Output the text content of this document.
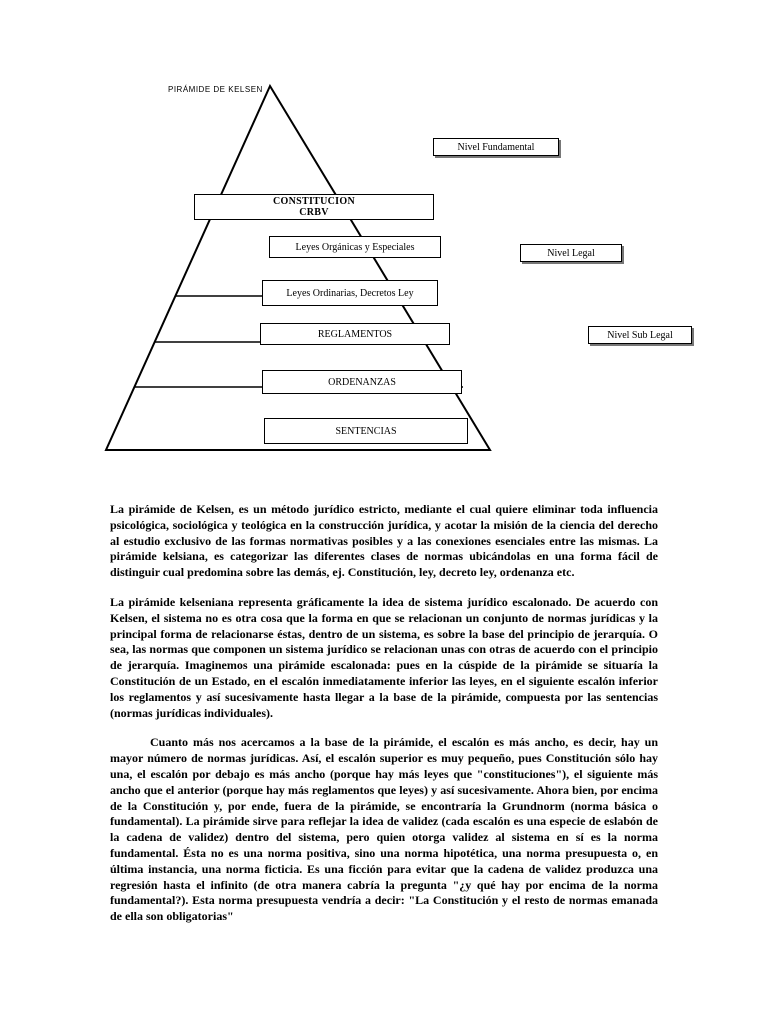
PIRÁMIDE DE KELSEN
CONSTITUCION
CRBV
Leyes Orgánicas y Especiales
Leyes Ordinarias, Decretos Ley
REGLAMENTOS
ORDENANZAS
SENTENCIAS
Nivel Fundamental
Nivel Legal
Nivel Sub Legal

La pirámide de Kelsen, es un método jurídico estricto, mediante el cual quiere eliminar toda influencia psicológica, sociológica y teológica en la construcción jurídica, y acotar la misión de la ciencia del derecho al estudio exclusivo de las formas normativas posibles y a las conexiones esenciales entre las mismas. La pirámide kelsiana, es categorizar las diferentes clases de normas ubicándolas en una forma fácil de distinguir cual predomina sobre las demás, ej. Constitución, ley, decreto ley, ordenanza etc.

La pirámide kelseniana representa gráficamente la idea de sistema jurídico escalonado. De acuerdo con Kelsen, el sistema no es otra cosa que la forma en que se relacionan un conjunto de normas jurídicas y la principal forma de relacionarse éstas, dentro de un sistema, es sobre la base del principio de jerarquía. O sea, las normas que componen un sistema jurídico se relacionan unas con otras de acuerdo con el principio de jerarquía. Imaginemos una pirámide escalonada: pues en la cúspide de la pirámide se situaría la Constitución de un Estado, en el escalón inmediatamente inferior las leyes, en el siguiente escalón inferior los reglamentos y así sucesivamente hasta llegar a la base de la pirámide, compuesta por las sentencias (normas jurídicas individuales).

Cuanto más nos acercamos a la base de la pirámide, el escalón es más ancho, es decir, hay un mayor número de normas jurídicas. Así, el escalón superior es muy pequeño, pues Constitución sólo hay una, el escalón por debajo es más ancho (porque hay más leyes que "constituciones"), el siguiente más ancho que el anterior (porque hay más reglamentos que leyes) y así sucesivamente. Ahora bien, por encima de la Constitución y, por ende, fuera de la pirámide, se encontraría la Grundnorm (norma básica o fundamental). La pirámide sirve para reflejar la idea de validez (cada escalón es una especie de eslabón de la cadena de validez) dentro del sistema, pero quien otorga validez al sistema en sí es la norma fundamental. Ésta no es una norma positiva, sino una norma hipotética, una norma presupuesta o, en última instancia, una norma ficticia. Es una ficción para evitar que la cadena de validez produzca una regresión hasta el infinito (de otra manera cabría la pregunta "¿y qué hay por encima de la norma fundamental?). Esta norma presupuesta vendría a decir: "La Constitución y el resto de normas emanada de ella son obligatorias"
